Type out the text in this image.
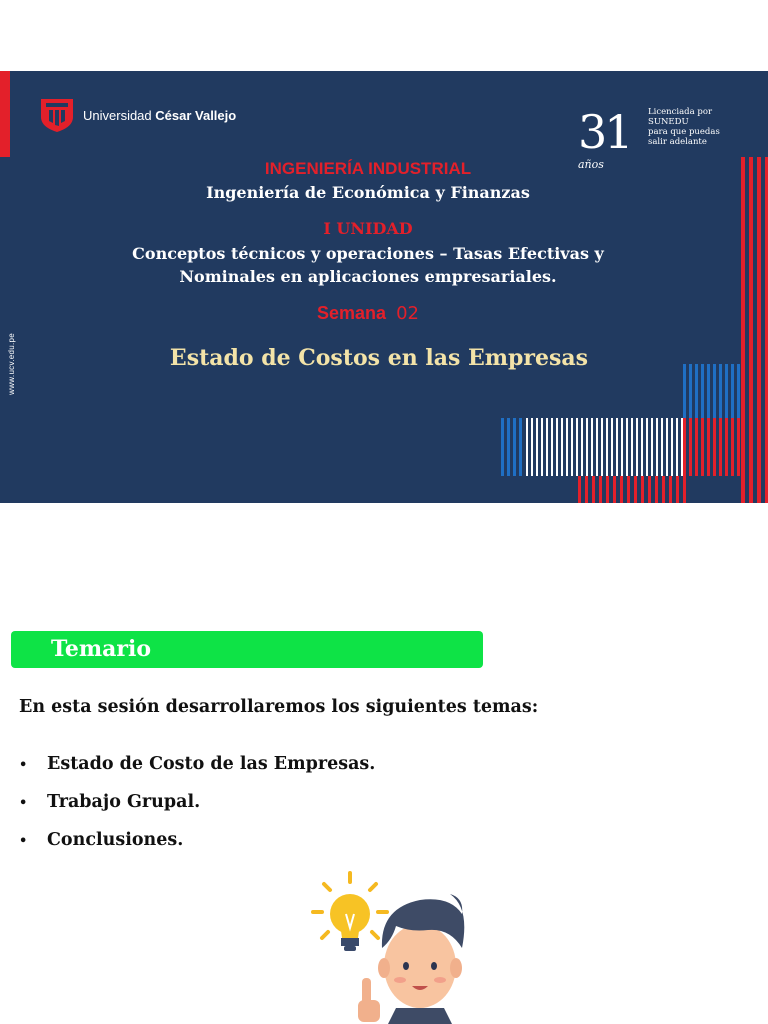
www.ucv.edu.pe
Universidad César Vallejo	31
años
Licenciada por
SUNEDU
para que puedas
salir adelante
INGENIERÍA INDUSTRIAL
Ingeniería de Económica y Finanzas
I UNIDAD
Conceptos técnicos y operaciones – Tasas Efectivas y
Nominales en aplicaciones empresariales.
Semana 02
Estado de Costos en las Empresas
Temario
En esta sesión desarrollaremos los siguientes temas:
•	Estado de Costo de las Empresas.
•	Trabajo Grupal.
•	Conclusiones.
